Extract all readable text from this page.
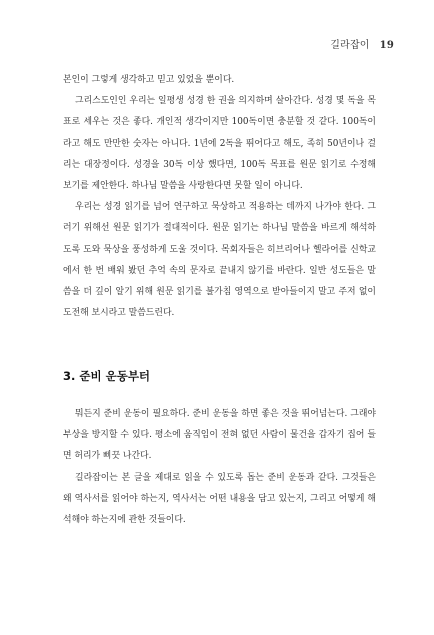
길라잡이 19

본인이 그렇게 생각하고 믿고 있었을 뿐이다.

그리스도인인 우리는 일평생 성경 한 권을 의지하며 살아간다. 성경 몇 독을 목표로 세우는 것은 좋다. 개인적 생각이지만 100독이면 충분할 것 같다. 100독이라고 해도 만만한 숫자는 아니다. 1년에 2독을 뛰어다고 해도, 족히 50년이나 걸리는 대장정이다. 성경을 30독 이상 했다면, 100독 목표를 원문 읽기로 수정해 보기를 제안한다. 하나님 말씀을 사랑한다면 못할 일이 아니다.

우리는 성경 읽기를 넘어 연구하고 묵상하고 적용하는 데까지 나가야 한다. 그러기 위해선 원문 읽기가 절대적이다. 원문 읽기는 하나님 말씀을 바르게 해석하도록 도와 묵상을 풍성하게 도울 것이다. 목회자들은 히브리어나 헬라어를 신학교에서 한 번 배워 봤던 추억 속의 문자로 끝내지 않기를 바란다. 일반 성도들은 말씀을 더 깊이 알기 위해 원문 읽기를 불가침 영역으로 받아들이지 말고 주저 없이 도전해 보시라고 말씀드린다.

3. 준비 운동부터

뭐든지 준비 운동이 필요하다. 준비 운동을 하면 좋은 것을 뛰어넘는다. 그래야 부상을 방지할 수 있다. 평소에 움직임이 전혀 없던 사람이 물건을 갑자기 집어 들면 허리가 삐끗 나간다.

길라잡이는 본 글을 제대로 읽을 수 있도록 돕는 준비 운동과 같다. 그것들은 왜 역사서를 읽어야 하는지, 역사서는 어떤 내용을 담고 있는지, 그리고 어떻게 해석해야 하는지에 관한 것들이다.
